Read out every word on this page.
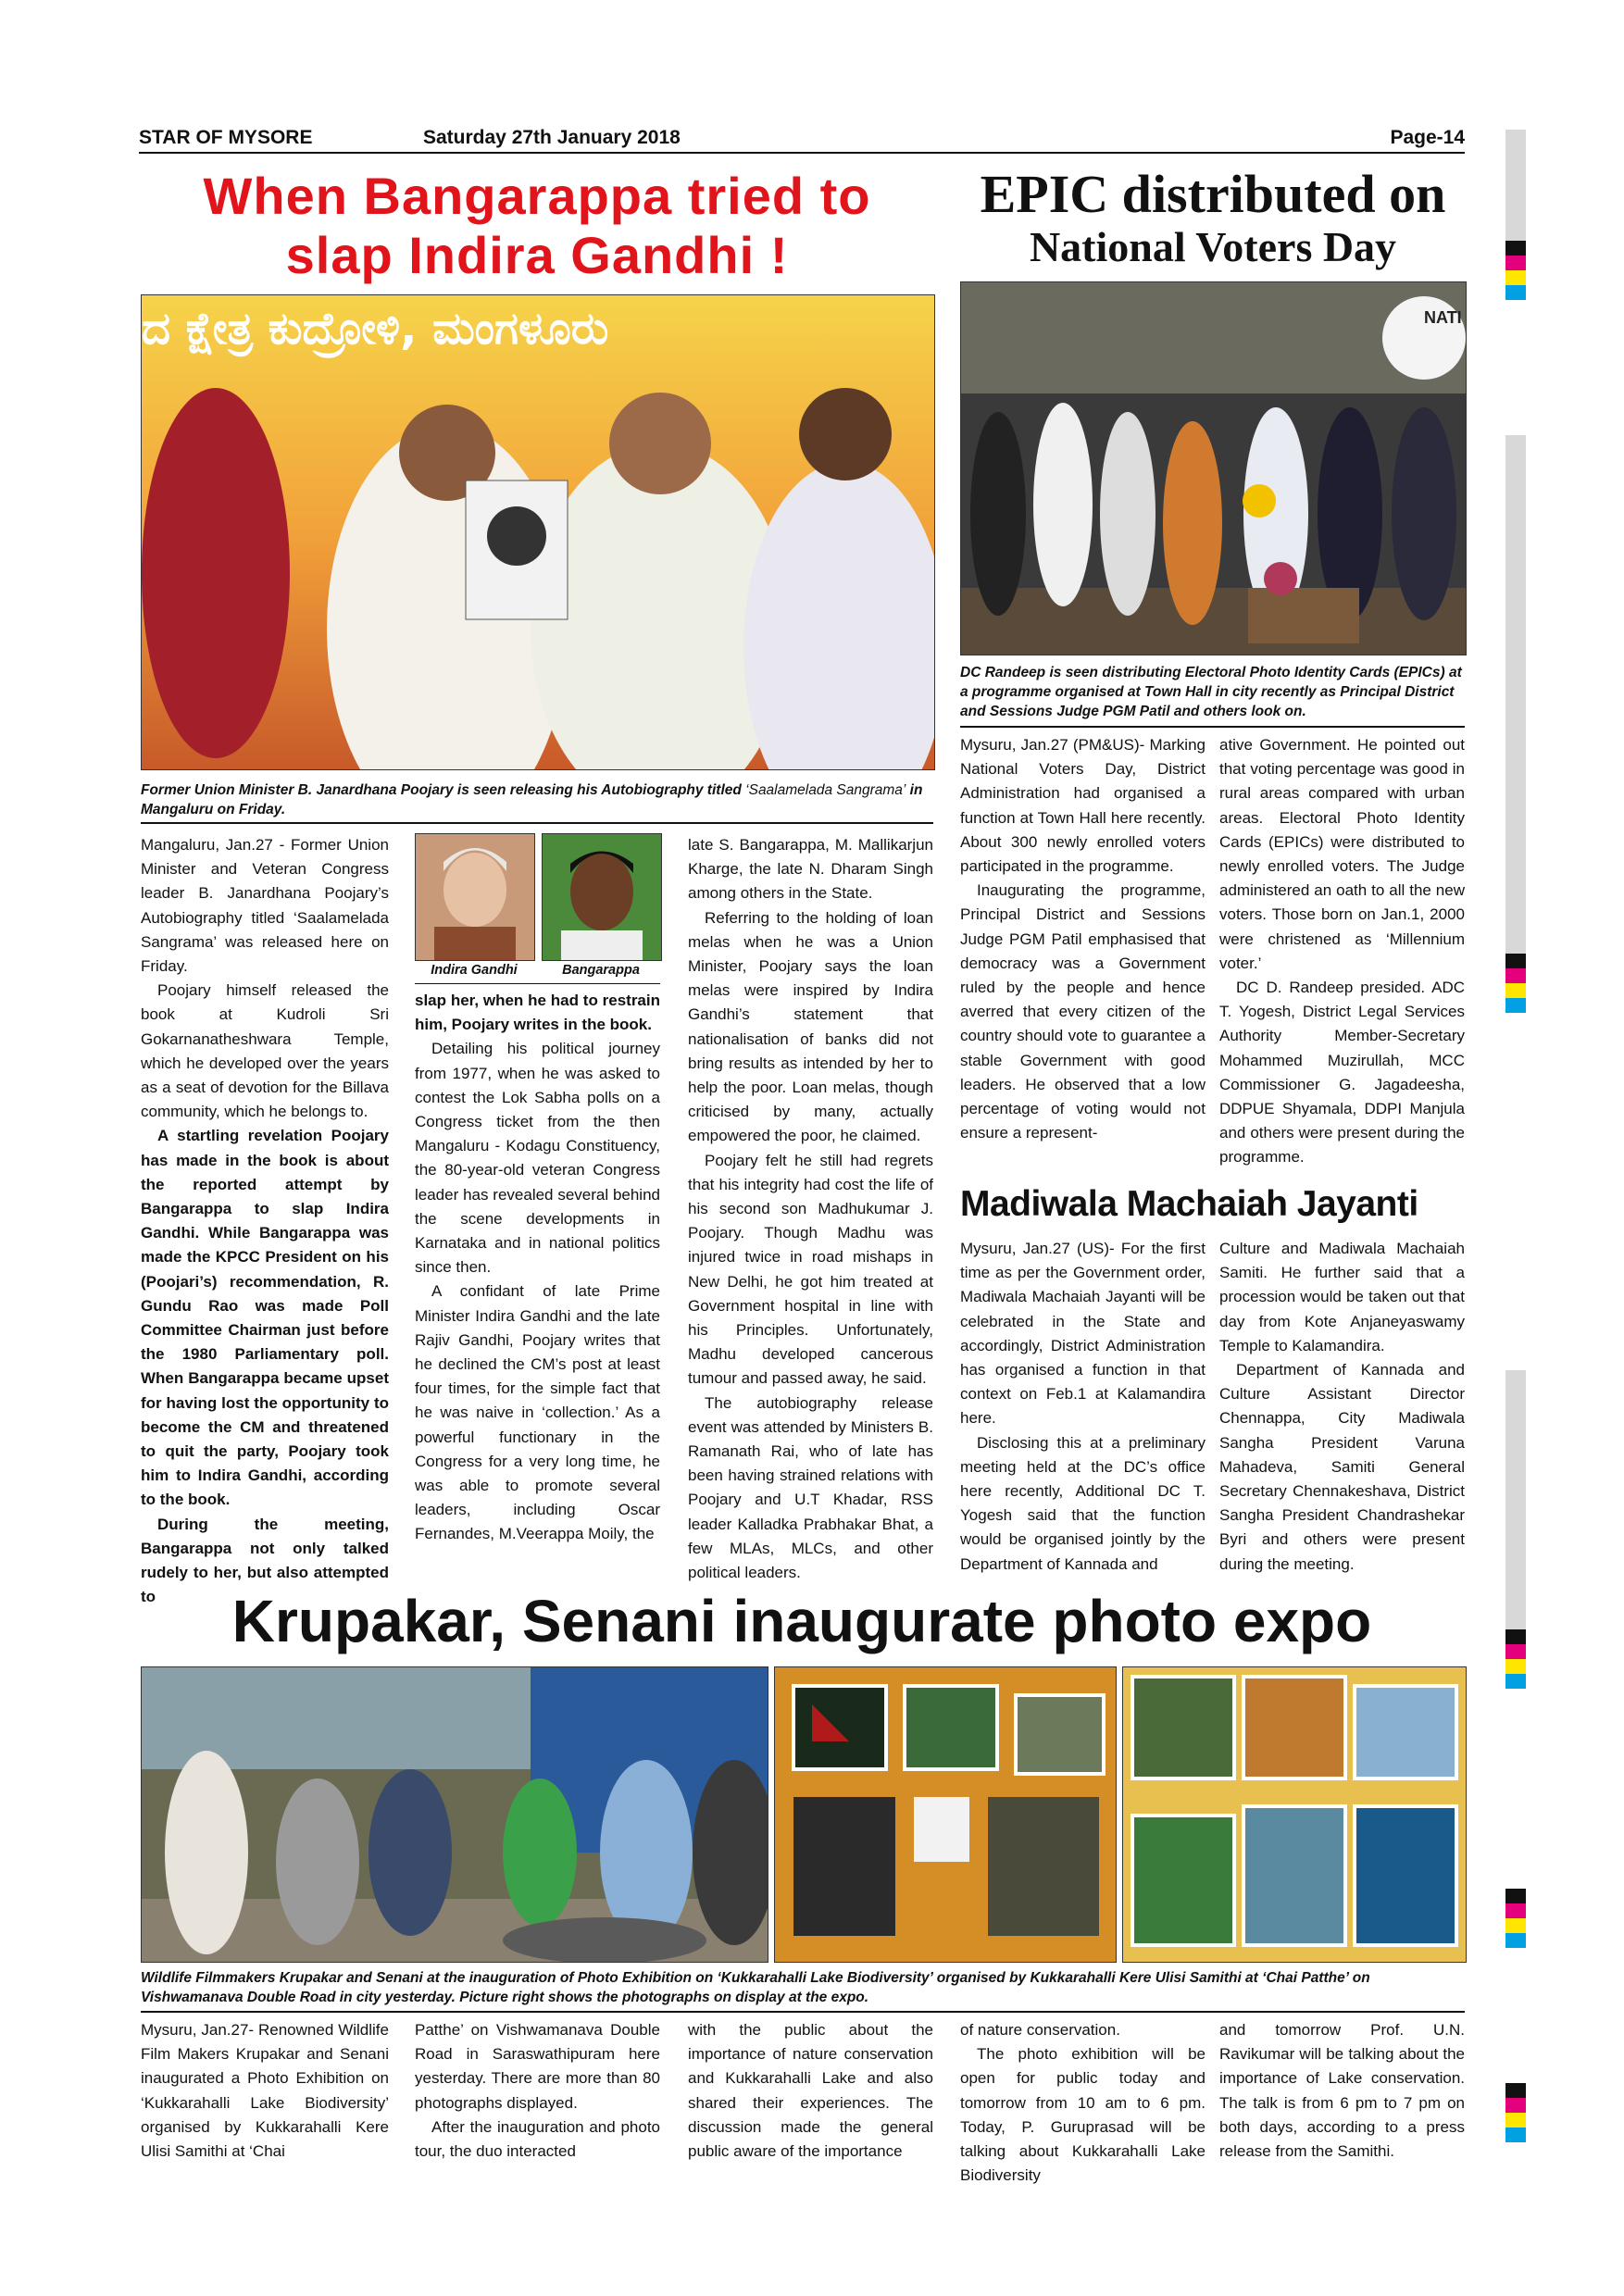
STAR OF MYSORE	Saturday 27th January 2018	Page-14
When Bangarappa tried to
slap Indira Gandhi !
ದ ಕ್ಷೇತ್ರ ಕುದ್ರೋಳಿ, ಮಂಗಳೂರು
Former Union Minister B. Janardhana Poojary is seen releasing his Autobiography titled ‘Saalamelada Sangrama’ in Mangaluru on Friday.

Mangaluru, Jan.27 - Former Union Minister and Veteran Congress leader B. Janardhana Poojary’s Autobiography titled ‘Saalamelada Sangrama’ was released here on Friday.

Poojary himself released the book at Kudroli Sri Gokarnanatheshwara Temple, which he developed over the years as a seat of devotion for the Billava community, which he belongs to.

A startling revelation Poojary has made in the book is about the reported attempt by Bangarappa to slap Indira Gandhi. While Bangarappa was made the KPCC President on his (Poojari’s) recommendation, R. Gundu Rao was made Poll Committee Chairman just before the 1980 Parliamentary poll. When Bangarappa became upset for having lost the opportunity to become the CM and threatened to quit the party, Poojary took him to Indira Gandhi, according to the book.

During the meeting, Bangarappa not only talked rudely to her, but also attempted to

Indira Gandhi	Bangarappa

slap her, when he had to restrain him, Poojary writes in the book.

Detailing his political journey from 1977, when he was asked to contest the Lok Sabha polls on a Congress ticket from the then Mangaluru - Kodagu Constituency, the 80-year-old veteran Congress leader has revealed several behind the scene developments in Karnataka and in national politics since then.

A confidant of late Prime Minister Indira Gandhi and the late Rajiv Gandhi, Poojary writes that he declined the CM’s post at least four times, for the simple fact that he was naive in ‘collection.’ As a powerful functionary in the Congress for a very long time, he was able to promote several leaders, including Oscar Fernandes, M.Veerappa Moily, the

late S. Bangarappa, M. Mallikarjun Kharge, the late N. Dharam Singh among others in the State.

Referring to the holding of loan melas when he was a Union Minister, Poojary says the loan melas were inspired by Indira Gandhi’s statement that nationalisation of banks did not bring results as intended by her to help the poor. Loan melas, though criticised by many, actually empowered the poor, he claimed.

Poojary felt he still had regrets that his integrity had cost the life of his second son Madhukumar J. Poojary. Though Madhu was injured twice in road mishaps in New Delhi, he got him treated at Government hospital in line with his Principles. Unfortunately, Madhu developed cancerous tumour and passed away, he said.

The autobiography release event was attended by Ministers B. Ramanath Rai, who of late has been having strained relations with Poojary and U.T Khadar, RSS leader Kalladka Prabhakar Bhat, a few MLAs, MLCs, and other political leaders.

EPIC distributed on
National Voters Day
NATI
DC Randeep is seen distributing Electoral Photo Identity Cards (EPICs) at a programme organised at Town Hall in city recently as Principal District and Sessions Judge PGM Patil and others look on.

Mysuru, Jan.27 (PM&US)- Marking National Voters Day, District Administration had organised a function at Town Hall here recently. About 300 newly enrolled voters participated in the programme.

Inaugurating the programme, Principal District and Sessions Judge PGM Patil emphasised that democracy was a Government ruled by the people and hence averred that every citizen of the country should vote to guarantee a stable Government with good leaders. He observed that a low percentage of voting would not ensure a represent-

ative Government. He pointed out that voting percentage was good in rural areas compared with urban areas. Electoral Photo Identity Cards (EPICs) were distributed to newly enrolled voters. The Judge administered an oath to all the new voters. Those born on Jan.1, 2000 were christened as ‘Millennium voter.’

DC D. Randeep presided. ADC T. Yogesh, District Legal Services Authority Member-Secretary Mohammed Muzirullah, MCC Commissioner G. Jagadeesha, DDPUE Shyamala, DDPI Manjula and others were present during the programme.

Madiwala Machaiah Jayanti

Mysuru, Jan.27 (US)- For the first time as per the Government order, Madiwala Machaiah Jayanti will be celebrated in the State and accordingly, District Administration has organised a function in that context on Feb.1 at Kalamandira here.

Disclosing this at a preliminary meeting held at the DC’s office here recently, Additional DC T. Yogesh said that the function would be organised jointly by the Department of Kannada and

Culture and Madiwala Machaiah Samiti. He further said that a procession would be taken out that day from Kote Anjaneyaswamy Temple to Kalamandira.

Department of Kannada and Culture Assistant Director Chennappa, City Madiwala Sangha President Varuna Mahadeva, Samiti General Secretary Chennakeshava, District Sangha President Chandrashekar Byri and others were present during the meeting.

Krupakar, Senani inaugurate photo expo
Wildlife Filmmakers Krupakar and Senani at the inauguration of Photo Exhibition on ‘Kukkarahalli Lake Biodiversity’ organised by Kukkarahalli Kere Ulisi Samithi at ‘Chai Patthe’ on Vishwamanava Double Road in city yesterday. Picture right shows the photographs on display at the expo.

Mysuru, Jan.27- Renowned Wildlife Film Makers Krupakar and Senani inaugurated a Photo Exhibition on ‘Kukkarahalli Lake Biodiversity’ organised by Kukkarahalli Kere Ulisi Samithi at ‘Chai

Patthe’ on Vishwamanava Double Road in Saraswathipuram here yesterday. There are more than 80 photographs displayed.

After the inauguration and photo tour, the duo interacted

with the public about the importance of nature conservation and Kukkarahalli Lake and also shared their experiences. The discussion made the general public aware of the importance

of nature conservation.

The photo exhibition will be open for public today and tomorrow from 10 am to 6 pm. Today, P. Guruprasad will be talking about Kukkarahalli Lake Biodiversity

and tomorrow Prof. U.N. Ravikumar will be talking about the importance of Lake conservation. The talk is from 6 pm to 7 pm on both days, according to a press release from the Samithi.
